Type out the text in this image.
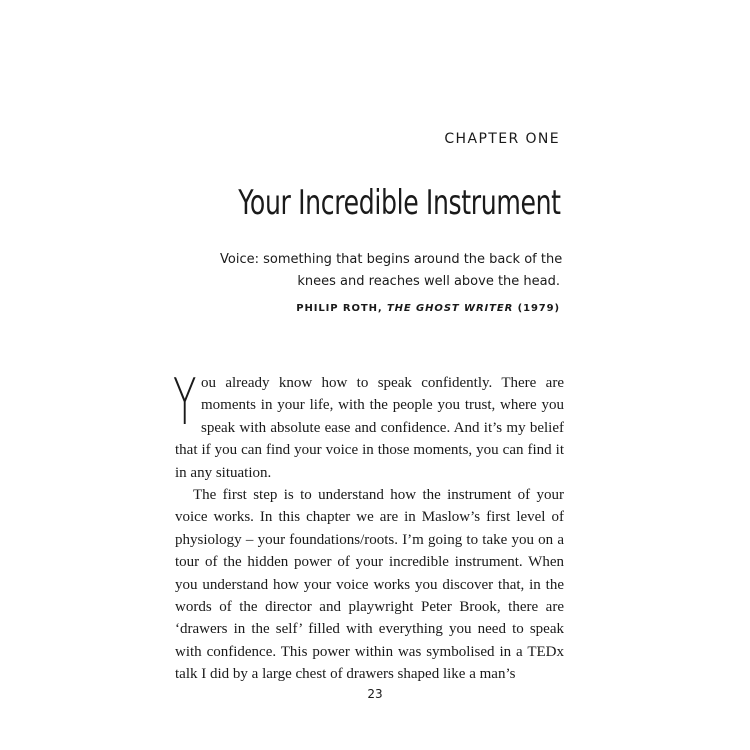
CHAPTER ONE
Your Incredible Instrument
Voice: something that begins around the back of the
knees and reaches well above the head.
PHILIP ROTH, THE GHOST WRITER (1979)

You already know how to speak confidently. There are moments in your life, with the people you trust, where you speak with absolute ease and confidence. And it’s my belief that if you can find your voice in those moments, you can find it in any situation.

The first step is to understand how the instrument of your voice works. In this chapter we are in Maslow’s first level of physiology – your foundations/roots. I’m going to take you on a tour of the hidden power of your incredible instrument. When you understand how your voice works you discover that, in the words of the director and playwright Peter Brook, there are ‘drawers in the self’ filled with everything you need to speak with confidence. This power within was symbolised in a TEDx talk I did by a large chest of drawers shaped like a man’s

23
